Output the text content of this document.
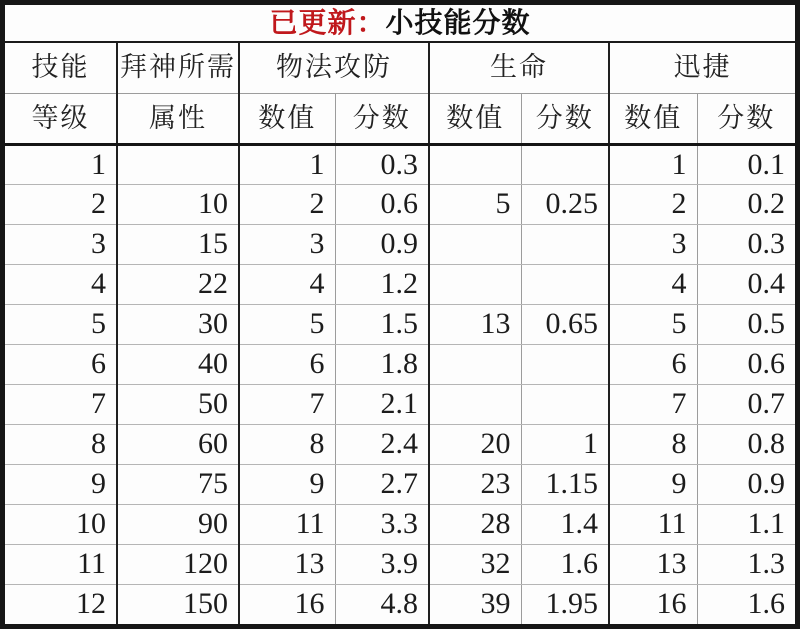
已更新：小技能分数							
技能	拜神所需	物法攻防		生命		迅捷	
等级	属性	数值	分数	数值	分数	数值	分数
1		1	0.3			1	0.1
2	10	2	0.6	5	0.25	2	0.2
3	15	3	0.9			3	0.3
4	22	4	1.2			4	0.4
5	30	5	1.5	13	0.65	5	0.5
6	40	6	1.8			6	0.6
7	50	7	2.1			7	0.7
8	60	8	2.4	20	1	8	0.8
9	75	9	2.7	23	1.15	9	0.9
10	90	11	3.3	28	1.4	11	1.1
11	120	13	3.9	32	1.6	13	1.3
12	150	16	4.8	39	1.95	16	1.6
